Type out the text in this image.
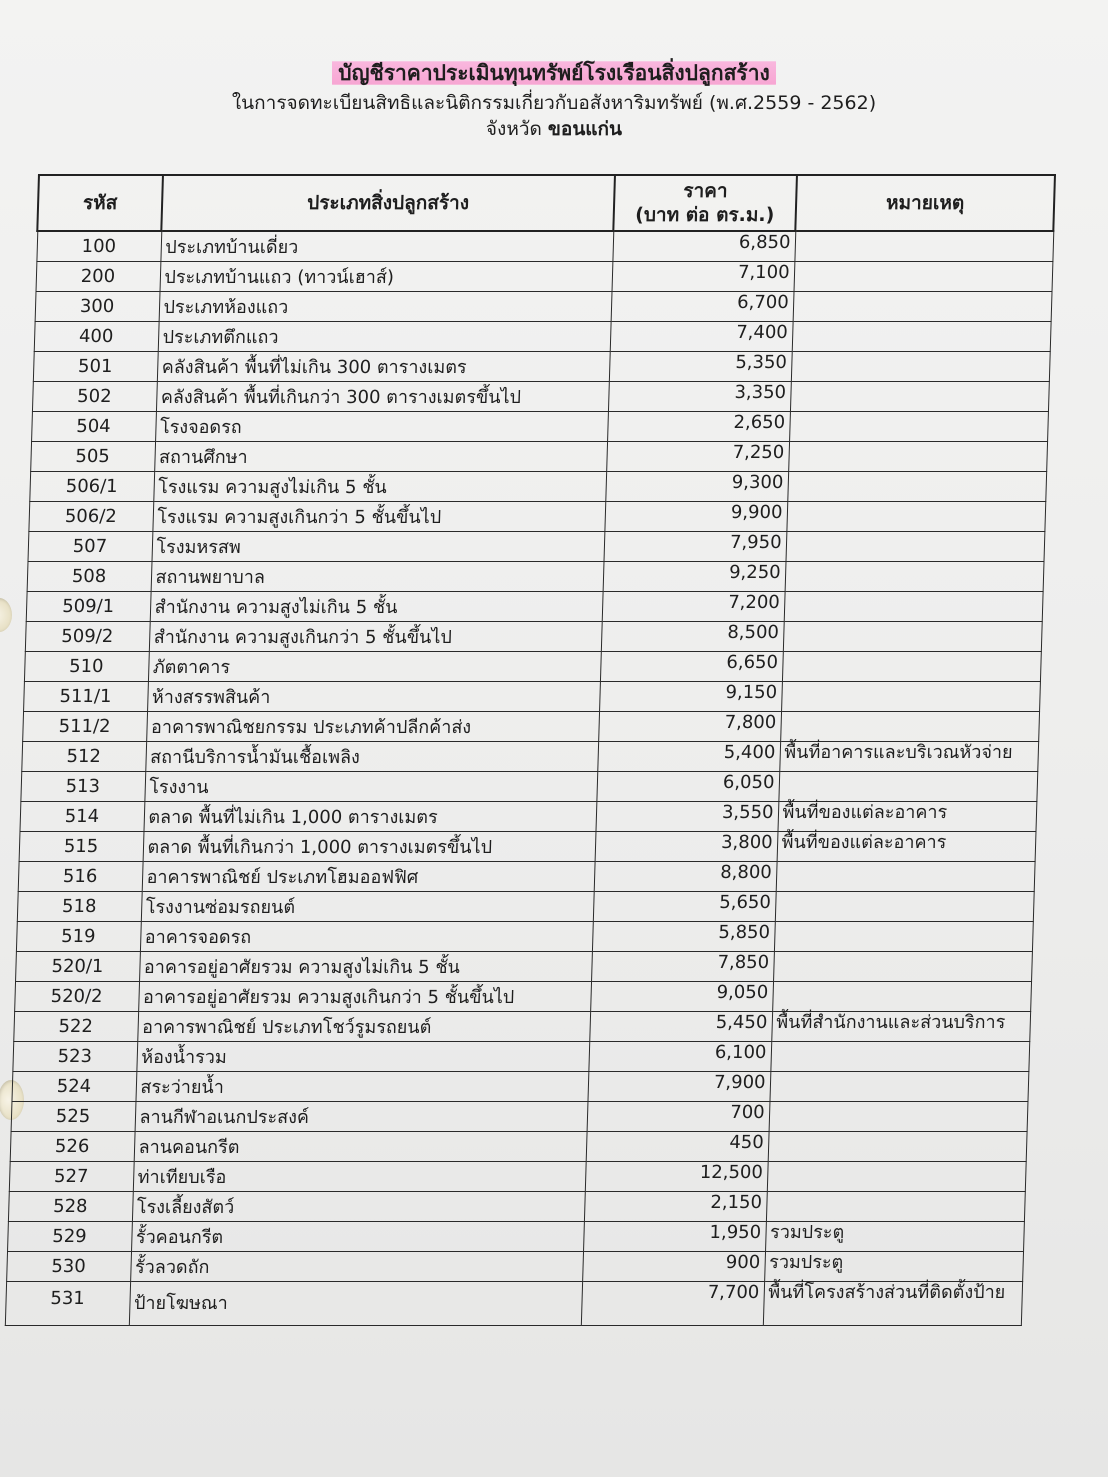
บัญชีราคาประเมินทุนทรัพย์โรงเรือนสิ่งปลูกสร้าง
ในการจดทะเบียนสิทธิและนิติกรรมเกี่ยวกับอสังหาริมทรัพย์ (พ.ศ.2559 - 2562)
จังหวัด ขอนแก่น
รหัส	ประเภทสิ่งปลูกสร้าง	ราคา
(บาท ต่อ ตร.ม.)	หมายเหตุ
100	ประเภทบ้านเดี่ยว	6,850	
200	ประเภทบ้านแถว (ทาวน์เฮาส์)	7,100	
300	ประเภทห้องแถว	6,700	
400	ประเภทตึกแถว	7,400	
501	คลังสินค้า พื้นที่ไม่เกิน 300 ตารางเมตร	5,350	
502	คลังสินค้า พื้นที่เกินกว่า 300 ตารางเมตรขึ้นไป	3,350	
504	โรงจอดรถ	2,650	
505	สถานศึกษา	7,250	
506/1	โรงแรม ความสูงไม่เกิน 5 ชั้น	9,300	
506/2	โรงแรม ความสูงเกินกว่า 5 ชั้นขึ้นไป	9,900	
507	โรงมหรสพ	7,950	
508	สถานพยาบาล	9,250	
509/1	สำนักงาน ความสูงไม่เกิน 5 ชั้น	7,200	
509/2	สำนักงาน ความสูงเกินกว่า 5 ชั้นขึ้นไป	8,500	
510	ภัตตาคาร	6,650	
511/1	ห้างสรรพสินค้า	9,150	
511/2	อาคารพาณิชยกรรม ประเภทค้าปลีกค้าส่ง	7,800	
512	สถานีบริการน้ำมันเชื้อเพลิง	5,400	พื้นที่อาคารและบริเวณหัวจ่าย
513	โรงงาน	6,050	
514	ตลาด พื้นที่ไม่เกิน 1,000 ตารางเมตร	3,550	พื้นที่ของแต่ละอาคาร
515	ตลาด พื้นที่เกินกว่า 1,000 ตารางเมตรขึ้นไป	3,800	พื้นที่ของแต่ละอาคาร
516	อาคารพาณิชย์ ประเภทโฮมออฟฟิศ	8,800	
518	โรงงานซ่อมรถยนต์	5,650	
519	อาคารจอดรถ	5,850	
520/1	อาคารอยู่อาศัยรวม ความสูงไม่เกิน 5 ชั้น	7,850	
520/2	อาคารอยู่อาศัยรวม ความสูงเกินกว่า 5 ชั้นขึ้นไป	9,050	
522	อาคารพาณิชย์ ประเภทโชว์รูมรถยนต์	5,450	พื้นที่สำนักงานและส่วนบริการ
523	ห้องน้ำรวม	6,100	
524	สระว่ายน้ำ	7,900	
525	ลานกีฬาอเนกประสงค์	700	
526	ลานคอนกรีต	450	
527	ท่าเทียบเรือ	12,500	
528	โรงเลี้ยงสัตว์	2,150	
529	รั้วคอนกรีต	1,950	รวมประตู
530	รั้วลวดถัก	900	รวมประตู
531	ป้ายโฆษณา	7,700	พื้นที่โครงสร้างส่วนที่ติดตั้งป้าย
